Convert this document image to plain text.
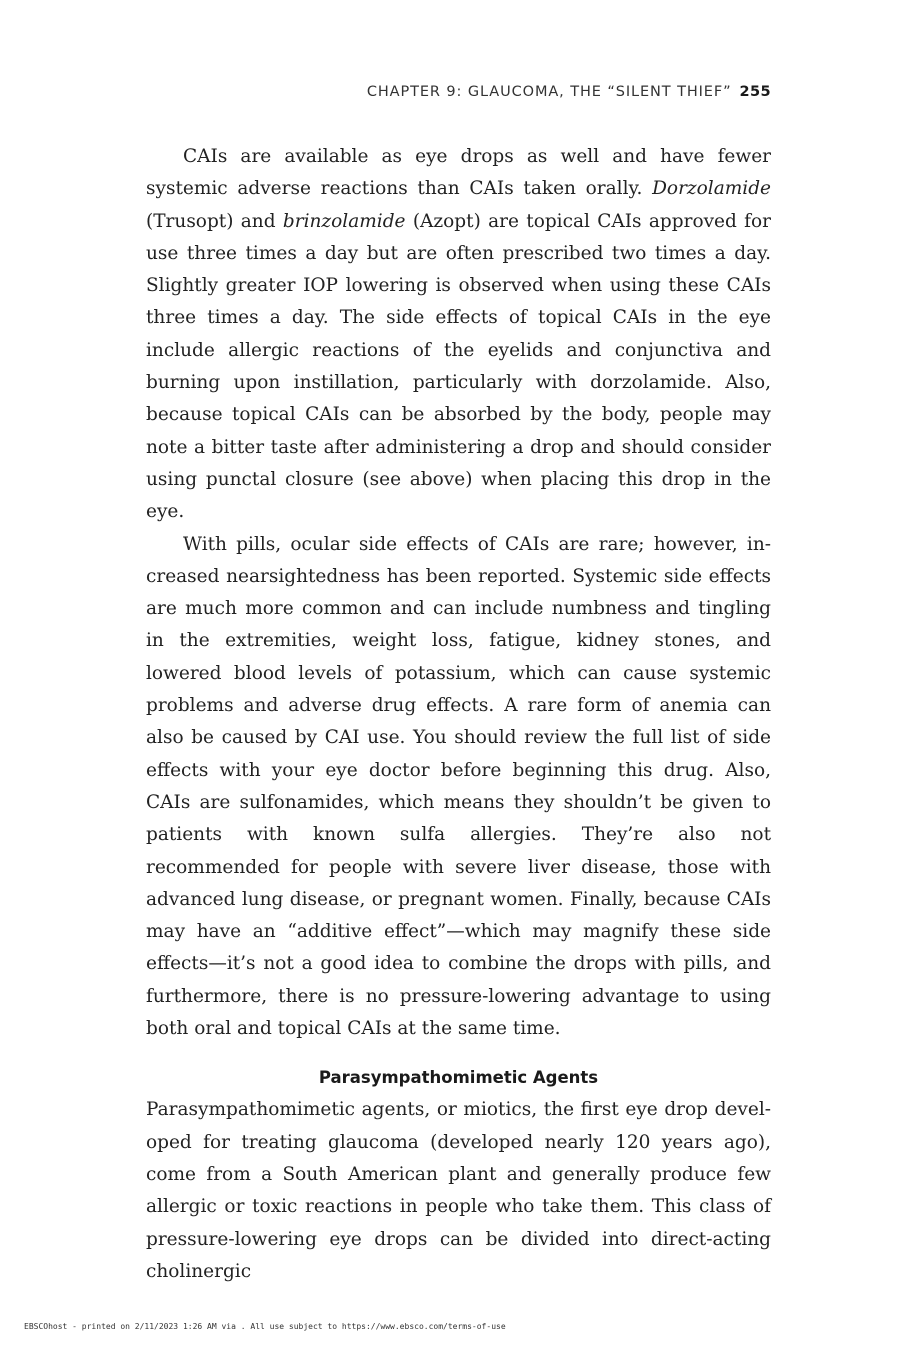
CHAPTER 9: GLAUCOMA, THE “SILENT THIEF” 255

CAIs are available as eye drops as well and have fewer systemic adverse reactions than CAIs taken orally. Dorzolamide (Trusopt) and brinzolamide (Azopt) are topical CAIs approved for use three times a day but are often prescribed two times a day. Slightly greater IOP lowering is observed when using these CAIs three times a day. The side effects of topical CAIs in the eye include allergic reactions of the eyelids and conjunctiva and burning upon instillation, particularly with dorzolamide. Also, because topical CAIs can be absorbed by the body, people may note a bitter taste after administering a drop and should consider using punctal closure (see above) when placing this drop in the eye.

With pills, ocular side effects of CAIs are rare; however, increased nearsightedness has been reported. Systemic side effects are much more common and can include numbness and tingling in the extremities, weight loss, fatigue, kidney stones, and lowered blood levels of potassium, which can cause systemic problems and adverse drug effects. A rare form of anemia can also be caused by CAI use. You should review the full list of side effects with your eye doctor before beginning this drug. Also, CAIs are sulfonamides, which means they shouldn’t be given to patients with known sulfa allergies. They’re also not recommended for people with severe liver disease, those with advanced lung disease, or pregnant women. Finally, because CAIs may have an “additive effect”—which may magnify these side effects—it’s not a good idea to combine the drops with pills, and furthermore, there is no pressure-lowering advantage to using both oral and topical CAIs at the same time.

Parasympathomimetic Agents

Parasympathomimetic agents, or miotics, the first eye drop developed for treating glaucoma (developed nearly 120 years ago), come from a South American plant and generally produce few allergic or toxic reactions in people who take them. This class of pressure-lowering eye drops can be divided into direct-acting cholinergic

EBSCOhost - printed on 2/11/2023 1:26 AM via . All use subject to https://www.ebsco.com/terms-of-use
